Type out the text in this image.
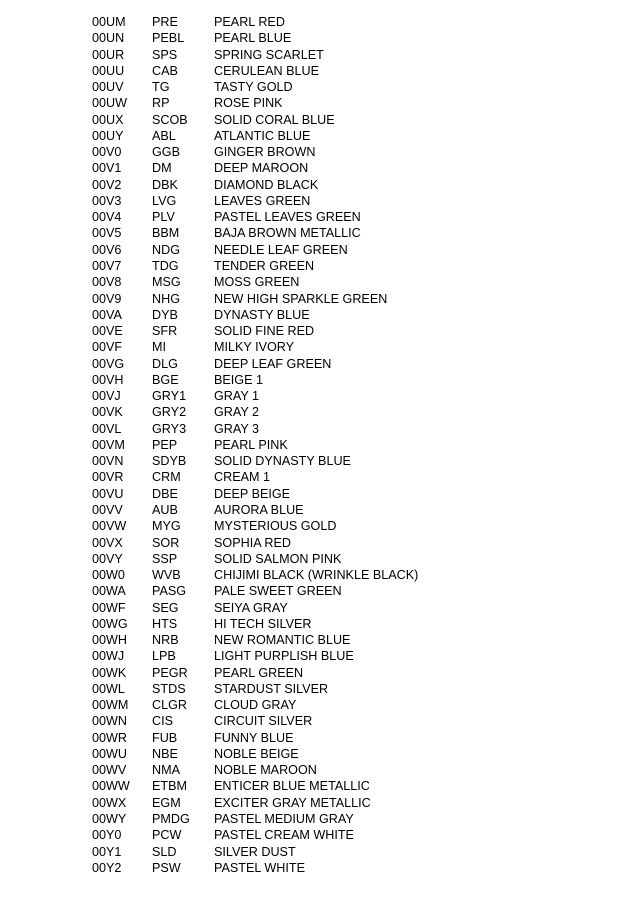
00UM	PRE	PEARL RED
00UN	PEBL	PEARL BLUE
00UR	SPS	SPRING SCARLET
00UU	CAB	CERULEAN BLUE
00UV	TG	TASTY GOLD
00UW	RP	ROSE PINK
00UX	SCOB	SOLID CORAL BLUE
00UY	ABL	ATLANTIC BLUE
00V0	GGB	GINGER BROWN
00V1	DM	DEEP MAROON
00V2	DBK	DIAMOND BLACK
00V3	LVG	LEAVES GREEN
00V4	PLV	PASTEL LEAVES GREEN
00V5	BBM	BAJA BROWN METALLIC
00V6	NDG	NEEDLE LEAF GREEN
00V7	TDG	TENDER GREEN
00V8	MSG	MOSS GREEN
00V9	NHG	NEW HIGH SPARKLE GREEN
00VA	DYB	DYNASTY BLUE
00VE	SFR	SOLID FINE RED
00VF	MI	MILKY IVORY
00VG	DLG	DEEP LEAF GREEN
00VH	BGE	BEIGE 1
00VJ	GRY1	GRAY 1
00VK	GRY2	GRAY 2
00VL	GRY3	GRAY 3
00VM	PEP	PEARL PINK
00VN	SDYB	SOLID DYNASTY BLUE
00VR	CRM	CREAM 1
00VU	DBE	DEEP BEIGE
00VV	AUB	AURORA BLUE
00VW	MYG	MYSTERIOUS GOLD
00VX	SOR	SOPHIA RED
00VY	SSP	SOLID SALMON PINK
00W0	WVB	CHIJIMI BLACK (WRINKLE BLACK)
00WA	PASG	PALE SWEET GREEN
00WF	SEG	SEIYA GRAY
00WG	HTS	HI TECH SILVER
00WH	NRB	NEW ROMANTIC BLUE
00WJ	LPB	LIGHT PURPLISH BLUE
00WK	PEGR	PEARL GREEN
00WL	STDS	STARDUST SILVER
00WM	CLGR	CLOUD GRAY
00WN	CIS	CIRCUIT SILVER
00WR	FUB	FUNNY BLUE
00WU	NBE	NOBLE BEIGE
00WV	NMA	NOBLE MAROON
00WW	ETBM	ENTICER BLUE METALLIC
00WX	EGM	EXCITER GRAY METALLIC
00WY	PMDG	PASTEL MEDIUM GRAY
00Y0	PCW	PASTEL CREAM WHITE
00Y1	SLD	SILVER DUST
00Y2	PSW	PASTEL WHITE
